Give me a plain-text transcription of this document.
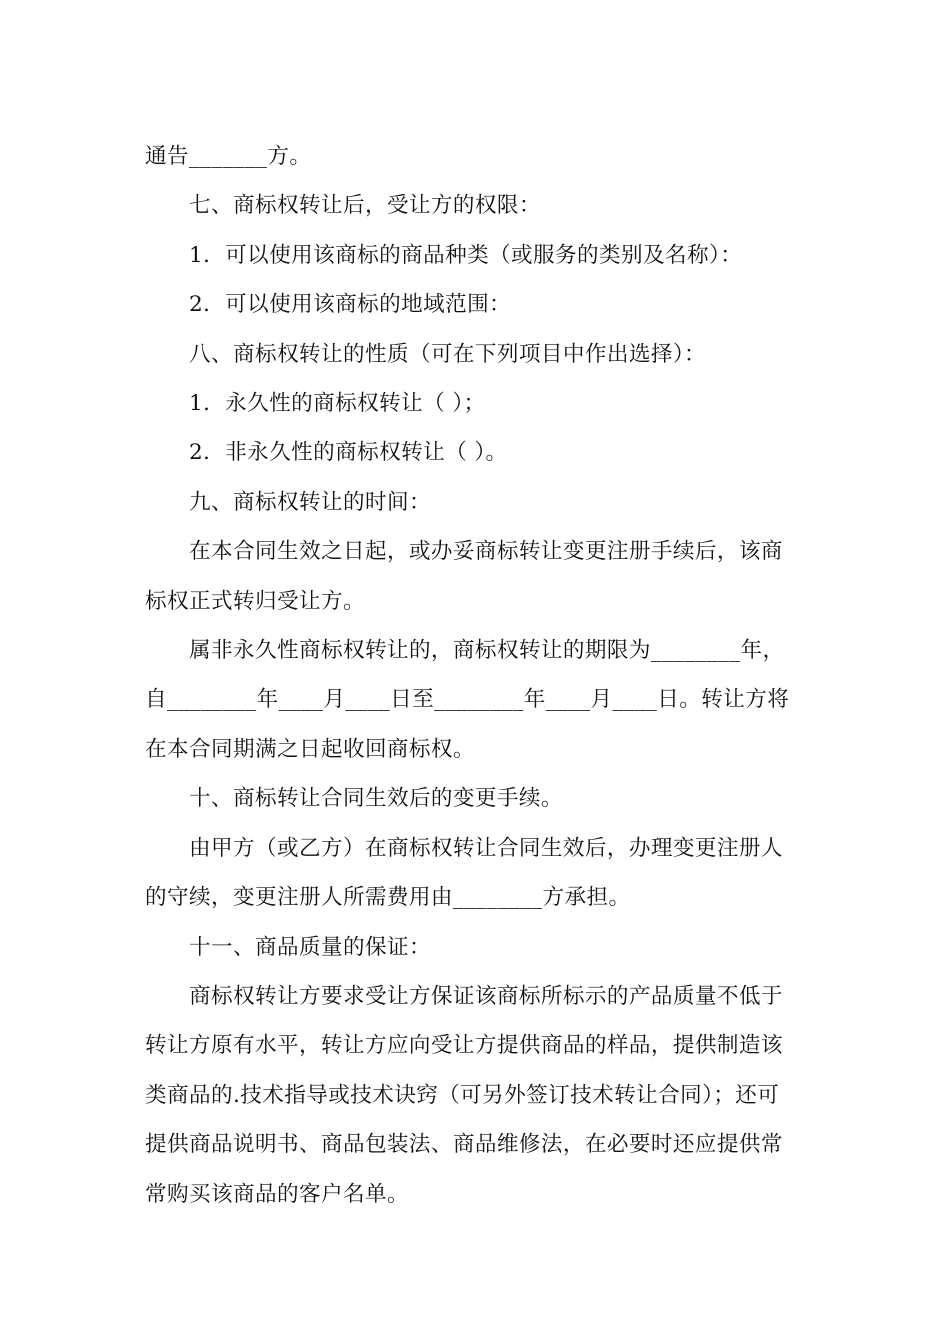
通告_______方。

七、商标权转让后，受让方的权限：

1．可以使用该商标的商品种类（或服务的类别及名称）：

2．可以使用该商标的地域范围：

八、商标权转让的性质（可在下列项目中作出选择）：

1．永久性的商标权转让（ ）；

2．非永久性的商标权转让（ ）。

九、商标权转让的时间：

在本合同生效之日起，或办妥商标转让变更注册手续后，该商

标权正式转归受让方。

属非永久性商标权转让的，商标权转让的期限为________年，

自________年____月____日至________年____月____日。转让方将

在本合同期满之日起收回商标权。

十、商标转让合同生效后的变更手续。

由甲方（或乙方）在商标权转让合同生效后，办理变更注册人

的守续，变更注册人所需费用由________方承担。

十一、商品质量的保证：

商标权转让方要求受让方保证该商标所标示的产品质量不低于

转让方原有水平，转让方应向受让方提供商品的样品，提供制造该

类商品的.技术指导或技术诀窍（可另外签订技术转让合同）；还可

提供商品说明书、商品包装法、商品维修法，在必要时还应提供常

常购买该商品的客户名单。
